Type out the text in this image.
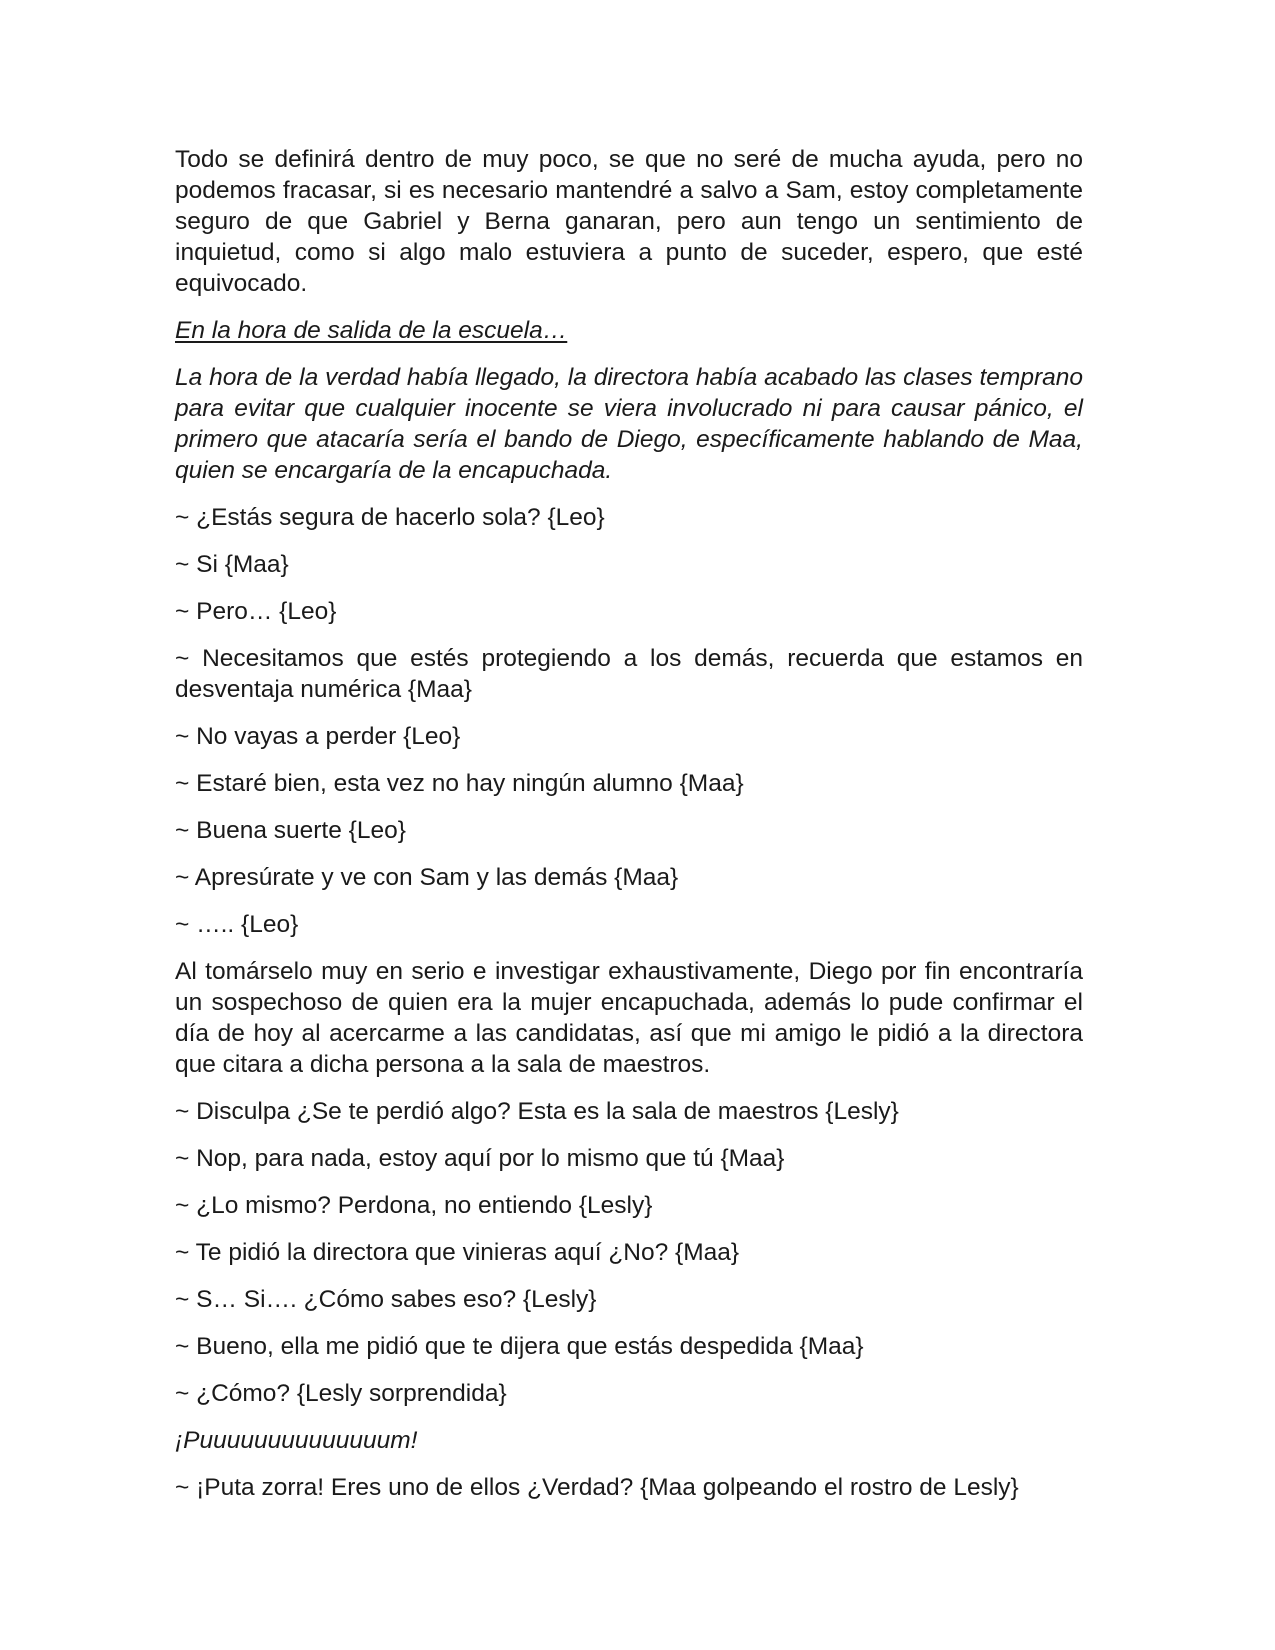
Todo se definirá dentro de muy poco, se que no seré de mucha ayuda, pero no podemos fracasar, si es necesario mantendré a salvo a Sam, estoy completamente seguro de que Gabriel y Berna ganaran, pero aun tengo un sentimiento de inquietud, como si algo malo estuviera a punto de suceder, espero, que esté equivocado.

En la hora de salida de la escuela…

La hora de la verdad había llegado, la directora había acabado las clases temprano para evitar que cualquier inocente se viera involucrado ni para causar pánico, el primero que atacaría sería el bando de Diego, específicamente hablando de Maa, quien se encargaría de la encapuchada.

~ ¿Estás segura de hacerlo sola? {Leo}

~ Si {Maa}

~ Pero… {Leo}

~ Necesitamos que estés protegiendo a los demás, recuerda que estamos en desventaja numérica {Maa}

~ No vayas a perder {Leo}

~ Estaré bien, esta vez no hay ningún alumno {Maa}

~ Buena suerte {Leo}

~ Apresúrate y ve con Sam y las demás {Maa}

~ ….. {Leo}

Al tomárselo muy en serio e investigar exhaustivamente, Diego por fin encontraría un sospechoso de quien era la mujer encapuchada, además lo pude confirmar el día de hoy al acercarme a las candidatas, así que mi amigo le pidió a la directora que citara a dicha persona a la sala de maestros.

~ Disculpa ¿Se te perdió algo? Esta es la sala de maestros {Lesly}

~ Nop, para nada, estoy aquí por lo mismo que tú {Maa}

~ ¿Lo mismo? Perdona, no entiendo {Lesly}

~ Te pidió la directora que vinieras aquí ¿No? {Maa}

~ S… Si…. ¿Cómo sabes eso? {Lesly}

~ Bueno, ella me pidió que te dijera que estás despedida {Maa}

~ ¿Cómo? {Lesly sorprendida}

¡Puuuuuuuuuuuuuum!

~ ¡Puta zorra! Eres uno de ellos ¿Verdad? {Maa golpeando el rostro de Lesly}
